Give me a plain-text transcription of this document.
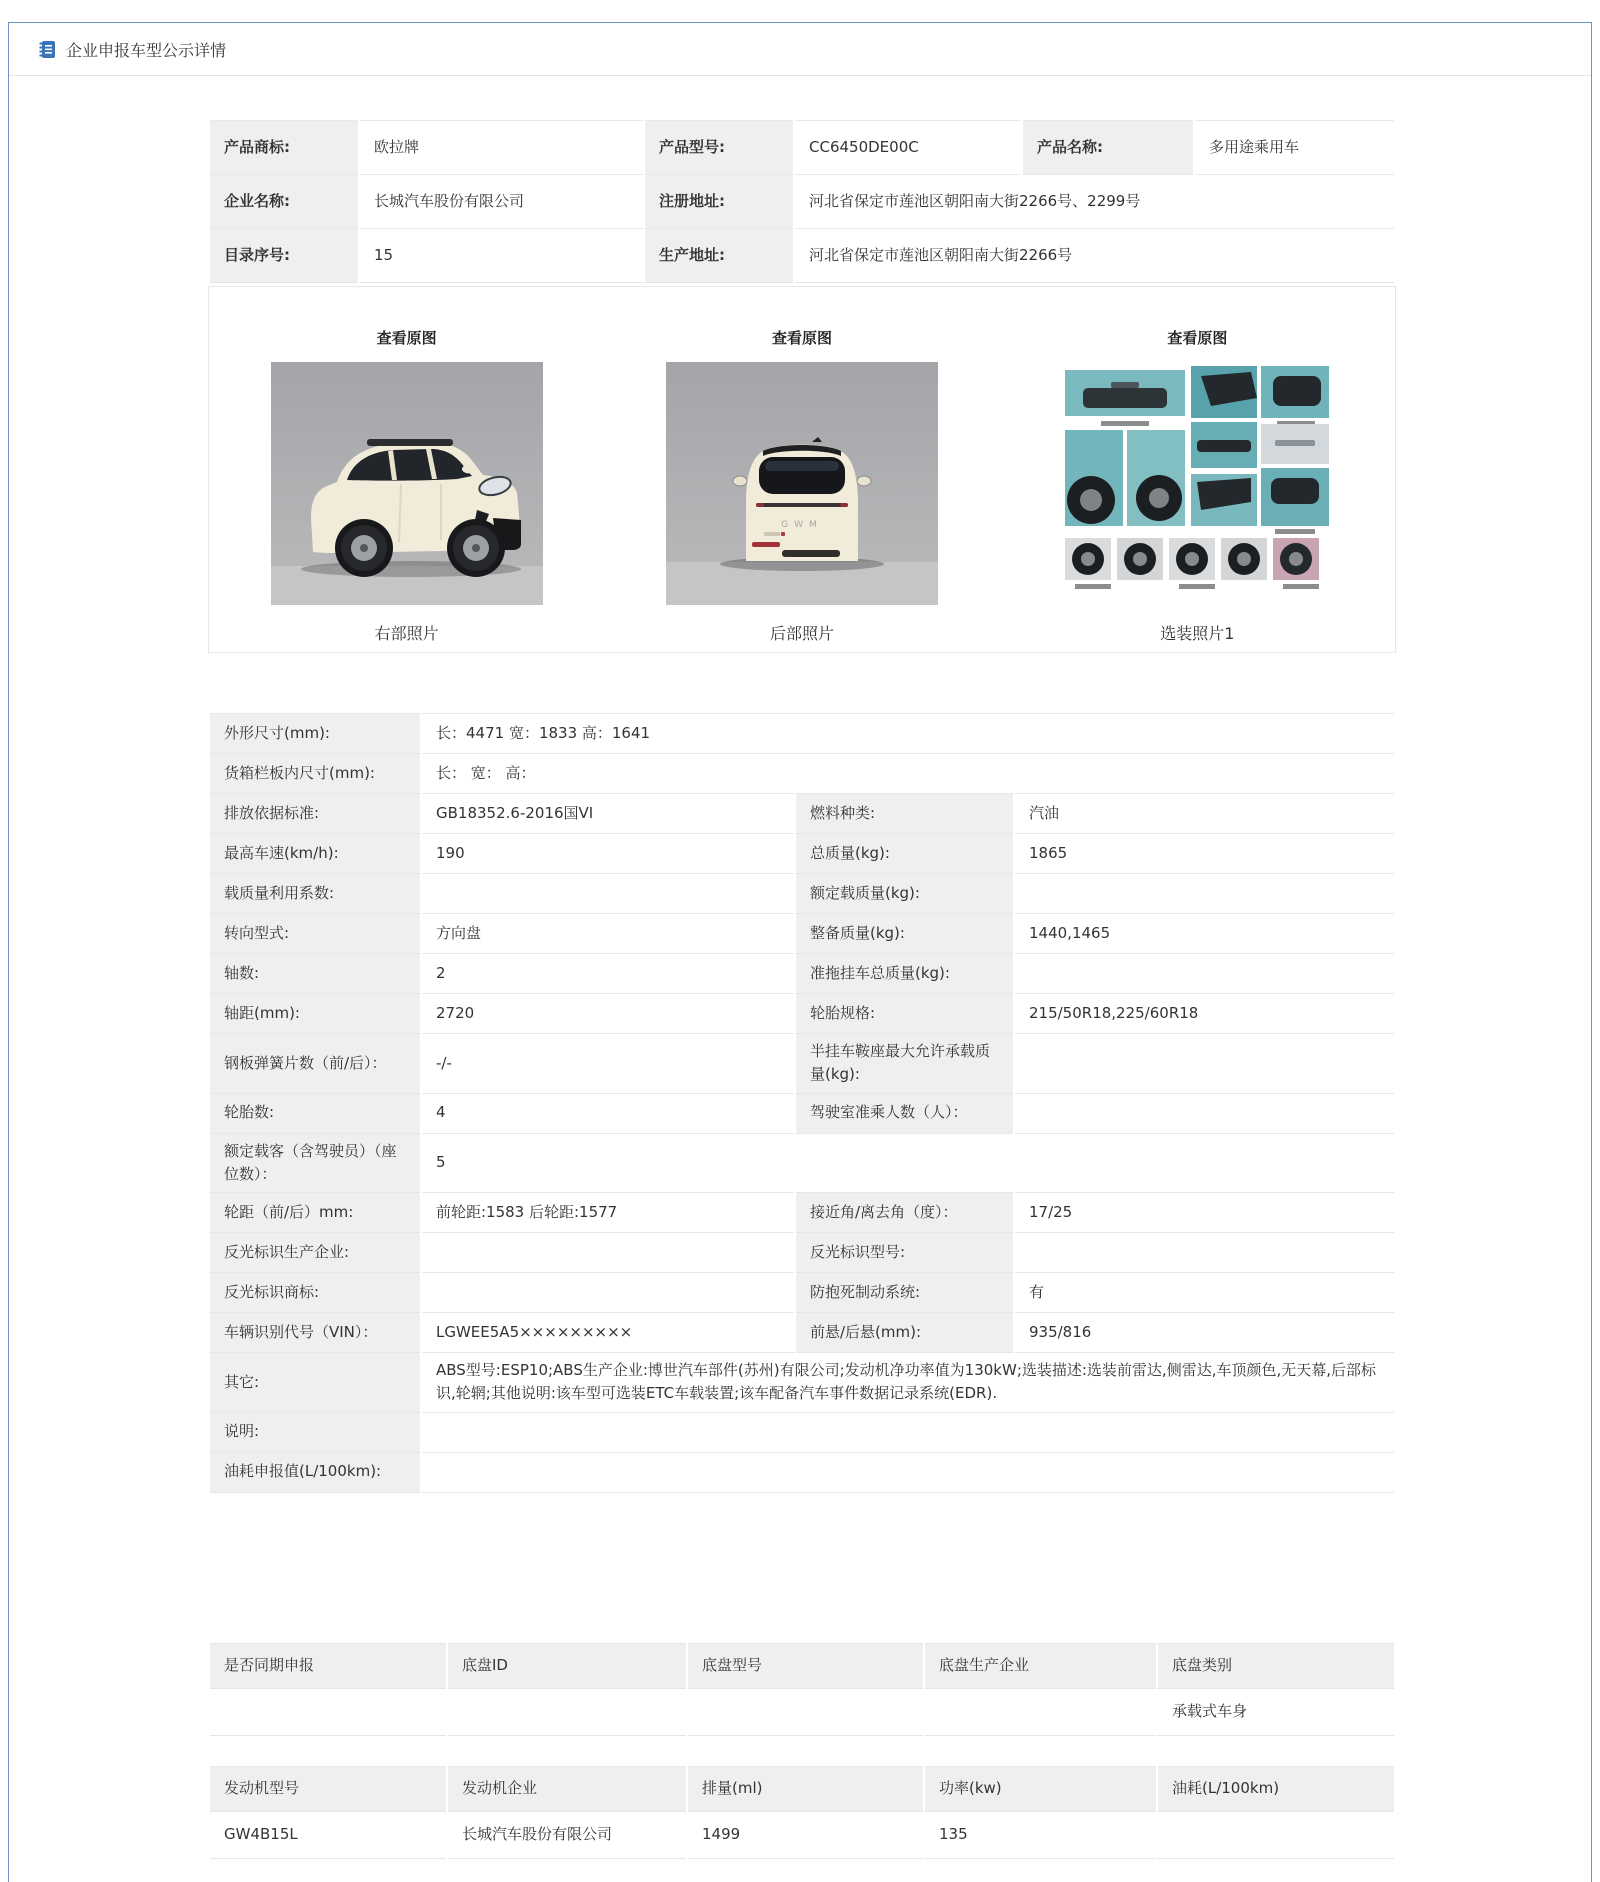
企业申报车型公示详情
产品商标:	欧拉牌	产品型号:	CC6450DE00C	产品名称:	多用途乘用车
企业名称:	长城汽车股份有限公司	注册地址:	河北省保定市莲池区朝阳南大街2266号、2299号		
目录序号:	15	生产地址:	河北省保定市莲池区朝阳南大街2266号		
查看原图
右部照片
查看原图
GWM
后部照片
查看原图
选装照片1
外形尺寸(mm):	长：4471 宽：1833 高：1641		
货箱栏板内尺寸(mm):	长： 宽： 高：		
排放依据标准:	GB18352.6-2016国VI	燃料种类:	汽油
最高车速(km/h):	190	总质量(kg):	1865
载质量利用系数:		额定载质量(kg):	
转向型式:	方向盘	整备质量(kg):	1440,1465
轴数:	2	准拖挂车总质量(kg):	
轴距(mm):	2720	轮胎规格:	215/50R18,225/60R18
钢板弹簧片数（前/后）：	-/-	半挂车鞍座最大允许承载质量(kg):	
轮胎数:	4	驾驶室准乘人数（人）：	
额定载客（含驾驶员）（座位数）：	5		
轮距（前/后）mm:	前轮距:1583 后轮距:1577	接近角/离去角（度）：	17/25
反光标识生产企业:		反光标识型号:	
反光标识商标:		防抱死制动系统:	有
车辆识别代号（VIN）：	LGWEE5A5×××××××××	前悬/后悬(mm):	935/816
其它:	ABS型号:ESP10;ABS生产企业:博世汽车部件(苏州)有限公司;发动机净功率值为130kW;选装描述:选装前雷达,侧雷达,车顶颜色,无天幕,后部标识,轮辋;其他说明:该车型可选装ETC车载装置;该车配备汽车事件数据记录系统(EDR).		
说明:			
油耗申报值(L/100km):			
是否同期申报	底盘ID	底盘型号	底盘生产企业	底盘类别
				承载式车身
发动机型号	发动机企业	排量(ml)	功率(kw)	油耗(L/100km)
GW4B15L	长城汽车股份有限公司	1499	135	
